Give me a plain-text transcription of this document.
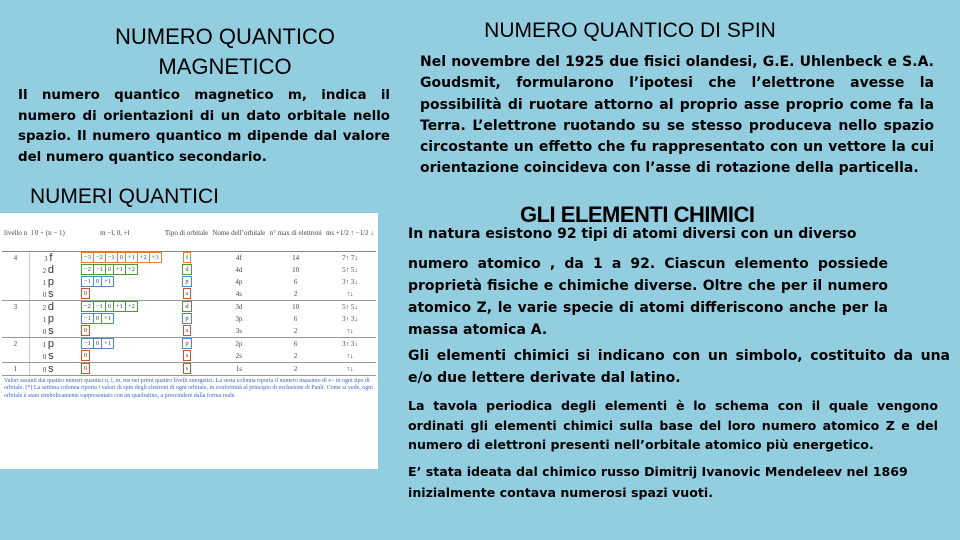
NUMERO QUANTICO MAGNETICO

Il numero quantico magnetico m, indica il numero di orientazioni di un dato orbitale nello spazio. Il numero quantico m dipende dal valore del numero quantico secondario.

NUMERI QUANTICI
livello n	l 0 ÷ (n − 1)	m −l, 0, +l	Tipo di orbitale	Nome dell’orbitale	n° max di elettroni	ms +1/2 ↑ −1/2 ↓
4	3 f	−3 −2 −1 0 +1 +2 +3	f	4f	14	7↑ 7↓
	2 d	−2 −1 0 +1 +2	d	4d	10	5↑ 5↓
	1 p	−1 0 +1	p	4p	6	3↑ 3↓
	0 s	0	s	4s	2	↑↓
3	2 d	−2 −1 0 +1 +2	d	3d	10	5↑ 5↓
	1 p	−1 0 +1	p	3p	6	3↑ 3↓
	0 s	0	s	3s	2	↑↓
2	1 p	−1 0 +1	p	2p	6	3↑ 3↓
	0 s	0	s	2s	2	↑↓
1	0 s	0	s	1s	2	↑↓
Valori assunti dai quattro numeri quantici n, l, m, ms nei primi quattro livelli energetici. La sesta colonna riporta il numero massimo di e− in ogni tipo di orbitale. (*) La settima colonna riporta i valori di spin degli elettroni di ogni orbitale, in conformità al principio di esclusione di Pauli. Come si vede, ogni orbitale è stato simbolicamente rappresentato con un quadratino, a prescindere dalla forma reale.
NUMERO QUANTICO DI SPIN

Nel novembre del 1925 due fisici olandesi, G.E. Uhlenbeck e S.A. Goudsmit, formularono l’ipotesi che l’elettrone avesse la possibilità di ruotare attorno al proprio asse proprio come fa la Terra. L’elettrone ruotando su se stesso produceva nello spazio circostante un effetto che fu rappresentato con un vettore la cui orientazione coincideva con l’asse di rotazione della particella.

GLI ELEMENTI CHIMICI

In natura esistono 92 tipi di atomi diversi con un diverso

numero atomico , da 1 a 92. Ciascun elemento possiede proprietà fisiche e chimiche diverse. Oltre che per il numero atomico Z, le varie specie di atomi differiscono anche per la massa atomica A.

Gli elementi chimici si indicano con un simbolo, costituito da una e/o due lettere derivate dal latino.

La tavola periodica degli elementi è lo schema con il quale vengono ordinati gli elementi chimici sulla base del loro numero atomico Z e del numero di elettroni presenti nell’orbitale atomico più energetico.

E’ stata ideata dal chimico russo Dimitrij Ivanovic Mendeleev nel 1869 inizialmente contava numerosi spazi vuoti.
